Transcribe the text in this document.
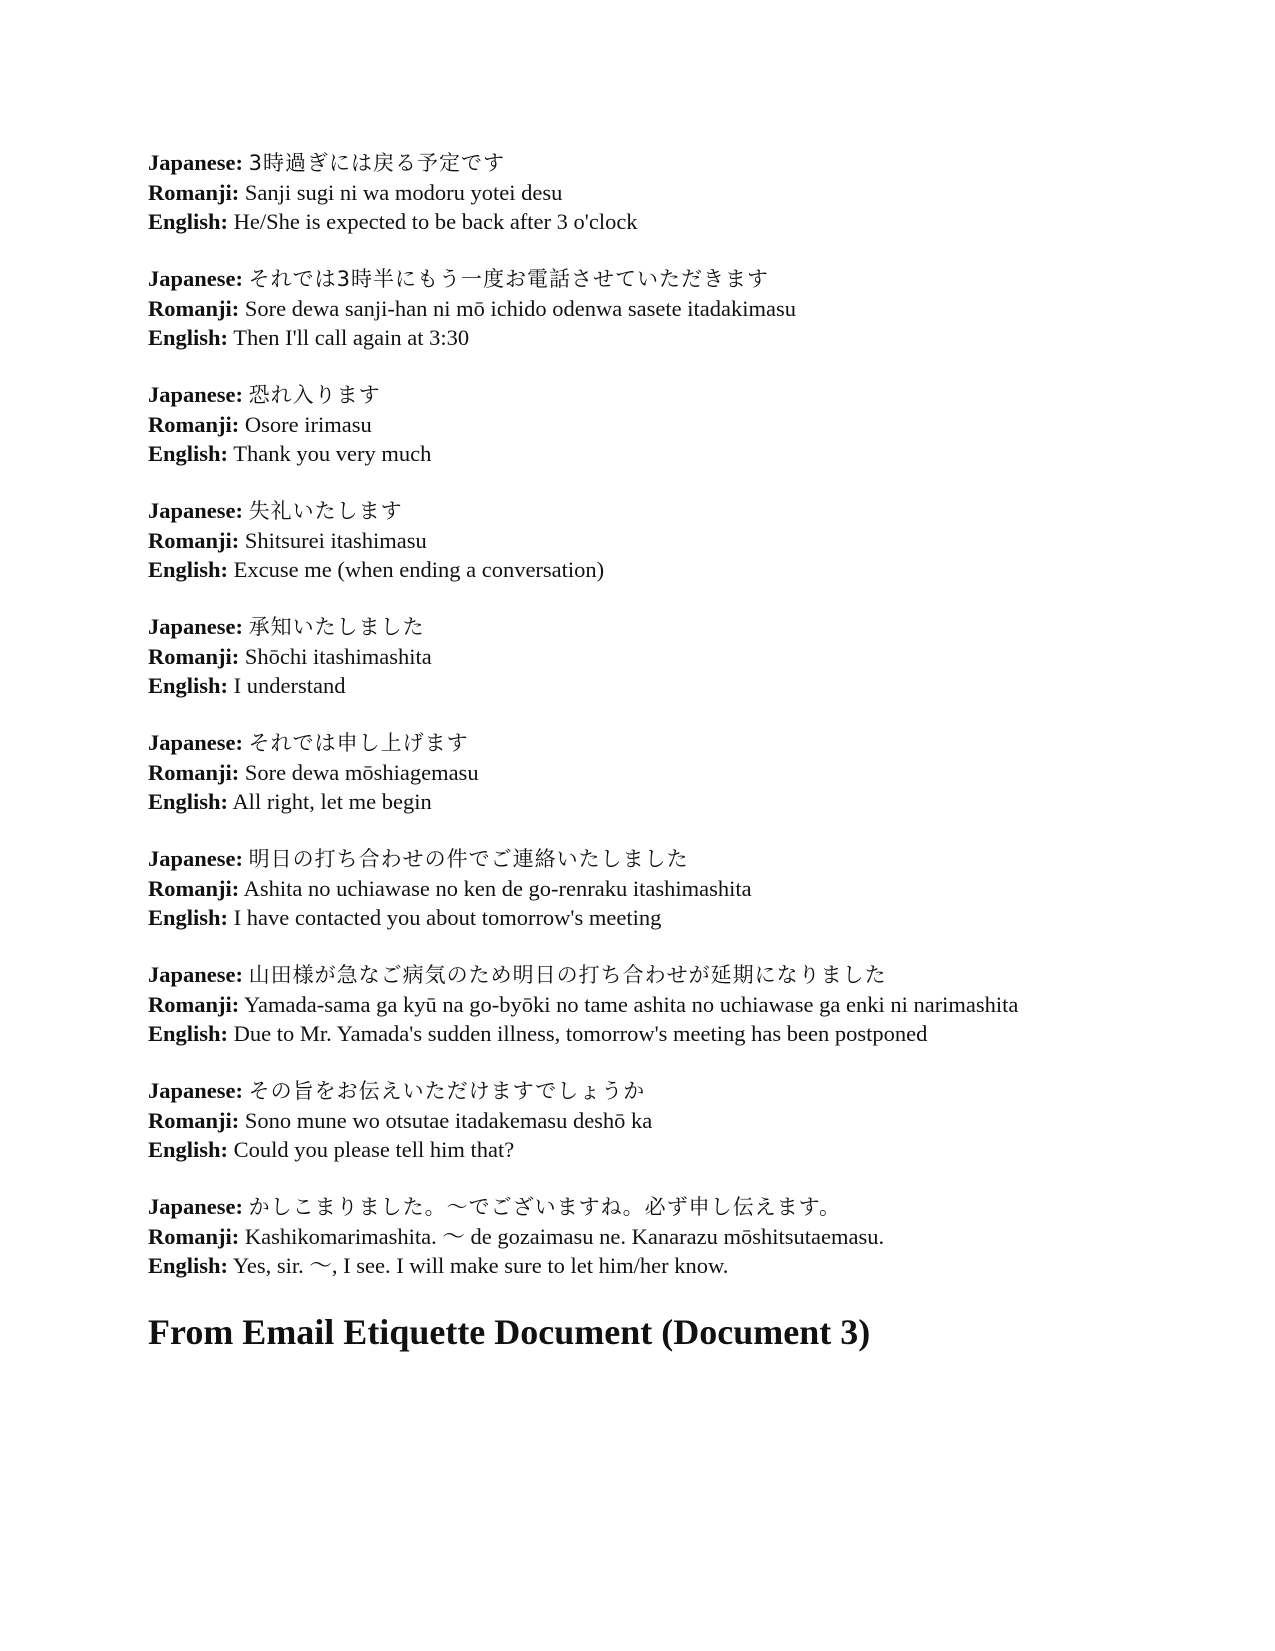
Japanese: 3時過ぎには戻る予定です
Romanji: Sanji sugi ni wa modoru yotei desu
English: He/She is expected to be back after 3 o'clock
Japanese: それでは3時半にもう一度お電話させていただきます
Romanji: Sore dewa sanji-han ni mō ichido odenwa sasete itadakimasu
English: Then I'll call again at 3:30
Japanese: 恐れ入ります
Romanji: Osore irimasu
English: Thank you very much
Japanese: 失礼いたします
Romanji: Shitsurei itashimasu
English: Excuse me (when ending a conversation)
Japanese: 承知いたしました
Romanji: Shōchi itashimashita
English: I understand
Japanese: それでは申し上げます
Romanji: Sore dewa mōshiagemasu
English: All right, let me begin
Japanese: 明日の打ち合わせの件でご連絡いたしました
Romanji: Ashita no uchiawase no ken de go-renraku itashimashita
English: I have contacted you about tomorrow's meeting
Japanese: 山田様が急なご病気のため明日の打ち合わせが延期になりました
Romanji: Yamada-sama ga kyū na go-byōki no tame ashita no uchiawase ga enki ni narimashita
English: Due to Mr. Yamada's sudden illness, tomorrow's meeting has been postponed
Japanese: その旨をお伝えいただけますでしょうか
Romanji: Sono mune wo otsutae itadakemasu deshō ka
English: Could you please tell him that?
Japanese: かしこまりました。～でございますね。必ず申し伝えます。
Romanji: Kashikomarimashita. ～ de gozaimasu ne. Kanarazu mōshitsutaemasu.
English: Yes, sir. ～, I see. I will make sure to let him/her know.
From Email Etiquette Document (Document 3)
